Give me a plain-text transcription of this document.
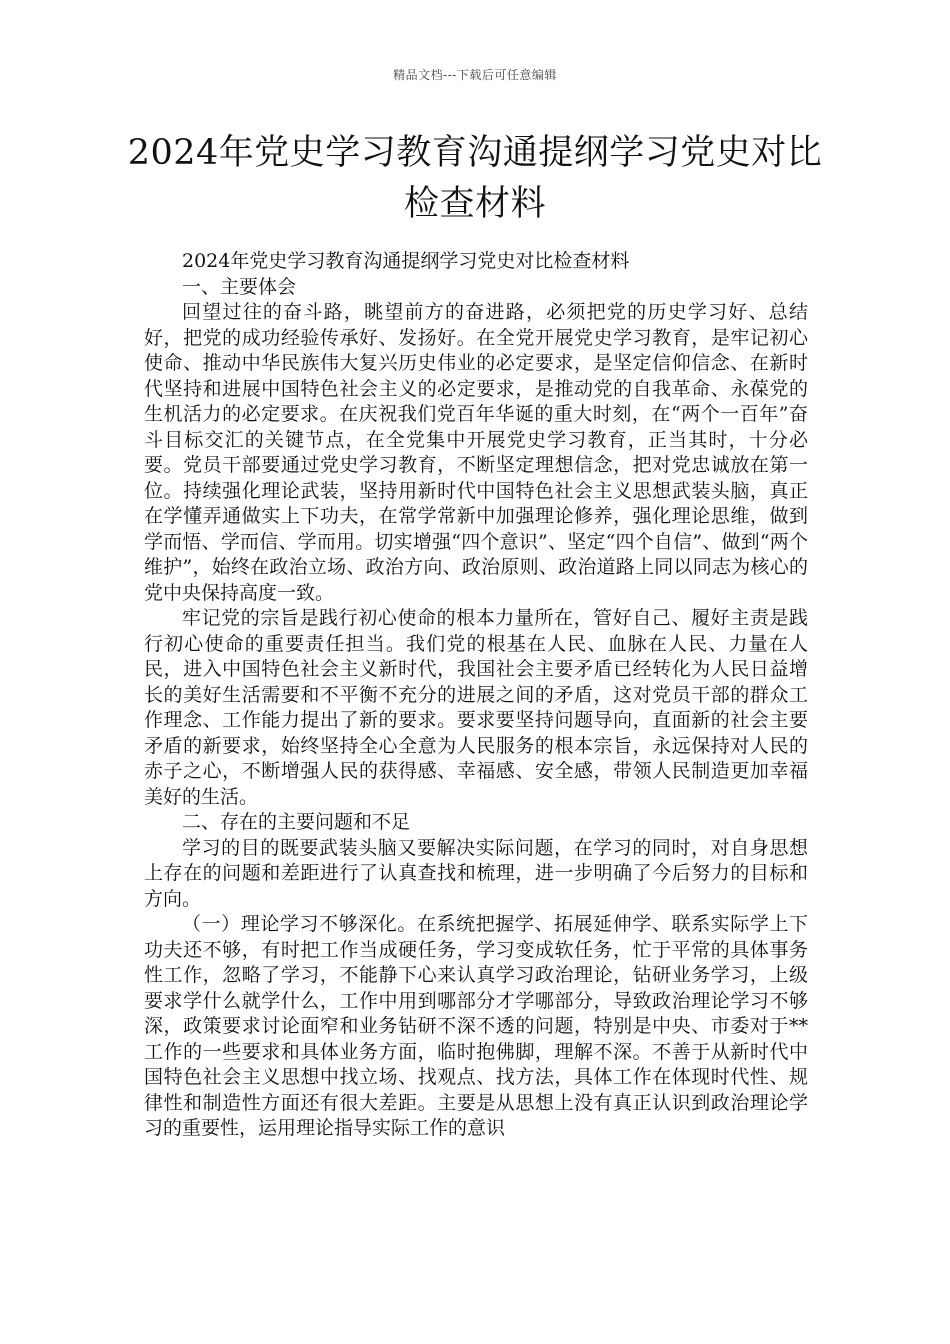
精品文档---下载后可任意编辑
2024年党史学习教育沟通提纲学习党史对比检查材料

2024年党史学习教育沟通提纲学习党史对比检查材料

一、主要体会

回望过往的奋斗路，眺望前方的奋进路，必须把党的历史学习好、总结好，把党的成功经验传承好、发扬好。在全党开展党史学习教育，是牢记初心使命、推动中华民族伟大复兴历史伟业的必定要求，是坚定信仰信念、在新时代坚持和进展中国特色社会主义的必定要求，是推动党的自我革命、永葆党的生机活力的必定要求。在庆祝我们党百年华诞的重大时刻，在“两个一百年”奋斗目标交汇的关键节点，在全党集中开展党史学习教育，正当其时，十分必要。党员干部要通过党史学习教育，不断坚定理想信念，把对党忠诚放在第一位。持续强化理论武装，坚持用新时代中国特色社会主义思想武装头脑，真正在学懂弄通做实上下功夫，在常学常新中加强理论修养，强化理论思维，做到学而悟、学而信、学而用。切实增强“四个意识”、坚定“四个自信”、做到“两个维护”，始终在政治立场、政治方向、政治原则、政治道路上同以同志为核心的党中央保持高度一致。

牢记党的宗旨是践行初心使命的根本力量所在，管好自己、履好主责是践行初心使命的重要责任担当。我们党的根基在人民、血脉在人民、力量在人民，进入中国特色社会主义新时代，我国社会主要矛盾已经转化为人民日益增长的美好生活需要和不平衡不充分的进展之间的矛盾，这对党员干部的群众工作理念、工作能力提出了新的要求。要求要坚持问题导向，直面新的社会主要矛盾的新要求，始终坚持全心全意为人民服务的根本宗旨，永远保持对人民的赤子之心，不断增强人民的获得感、幸福感、安全感，带领人民制造更加幸福美好的生活。

二、存在的主要问题和不足

学习的目的既要武装头脑又要解决实际问题，在学习的同时，对自身思想上存在的问题和差距进行了认真查找和梳理，进一步明确了今后努力的目标和方向。

（一）理论学习不够深化。在系统把握学、拓展延伸学、联系实际学上下功夫还不够，有时把工作当成硬任务，学习变成软任务，忙于平常的具体事务性工作，忽略了学习，不能静下心来认真学习政治理论，钻研业务学习，上级要求学什么就学什么，工作中用到哪部分才学哪部分，导致政治理论学习不够深，政策要求讨论面窄和业务钻研不深不透的问题，特别是中央、市委对于**工作的一些要求和具体业务方面，临时抱佛脚，理解不深。不善于从新时代中国特色社会主义思想中找立场、找观点、找方法，具体工作在体现时代性、规律性和制造性方面还有很大差距。主要是从思想上没有真正认识到政治理论学习的重要性，运用理论指导实际工作的意识
